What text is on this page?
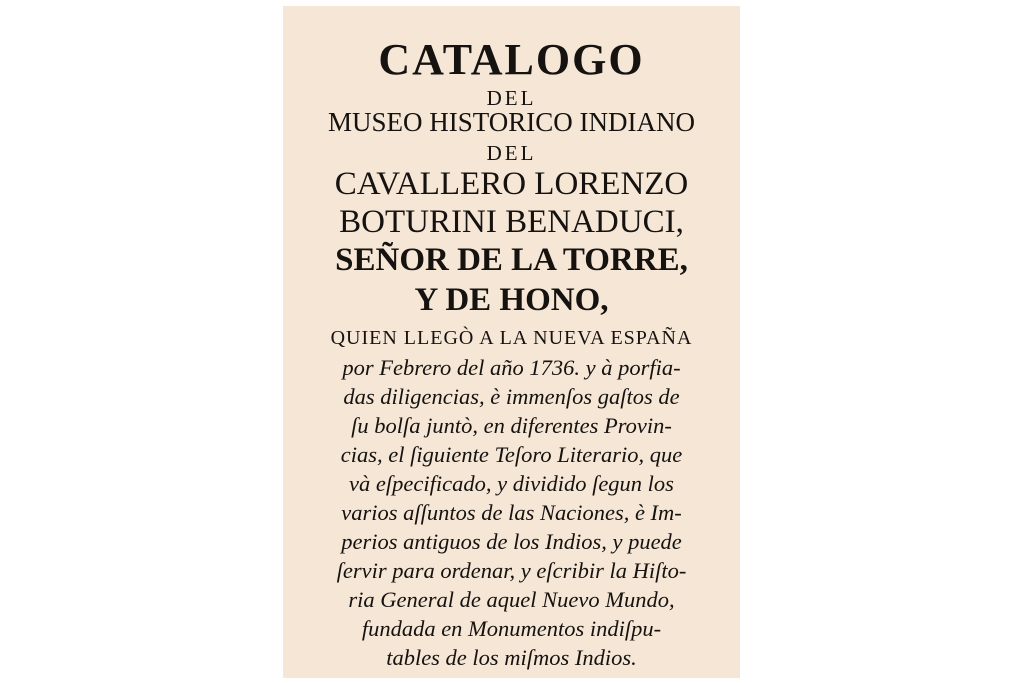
CATALOGO
DEL
MUSEO HISTORICO INDIANO
DEL
CAVALLERO LORENZO
BOTURINI BENADUCI,
SEÑOR DE LA TORRE,
Y DE HONO,
QUIEN LLEGÒ A LA NUEVA ESPAÑA
por Febrero del año 1736. y à porfia-
das diligencias, è immenſos gaſtos de
ſu bolſa juntò, en diferentes Provin-
cias, el ſiguiente Teſoro Literario, que
và eſpecificado, y dividido ſegun los
varios aſſuntos de las Naciones, è Im-
perios antiguos de los Indios, y puede
ſervir para ordenar, y eſcribir la Hiſto-
ria General de aquel Nuevo Mundo,
fundada en Monumentos indiſpu-
tables de los miſmos Indios.
